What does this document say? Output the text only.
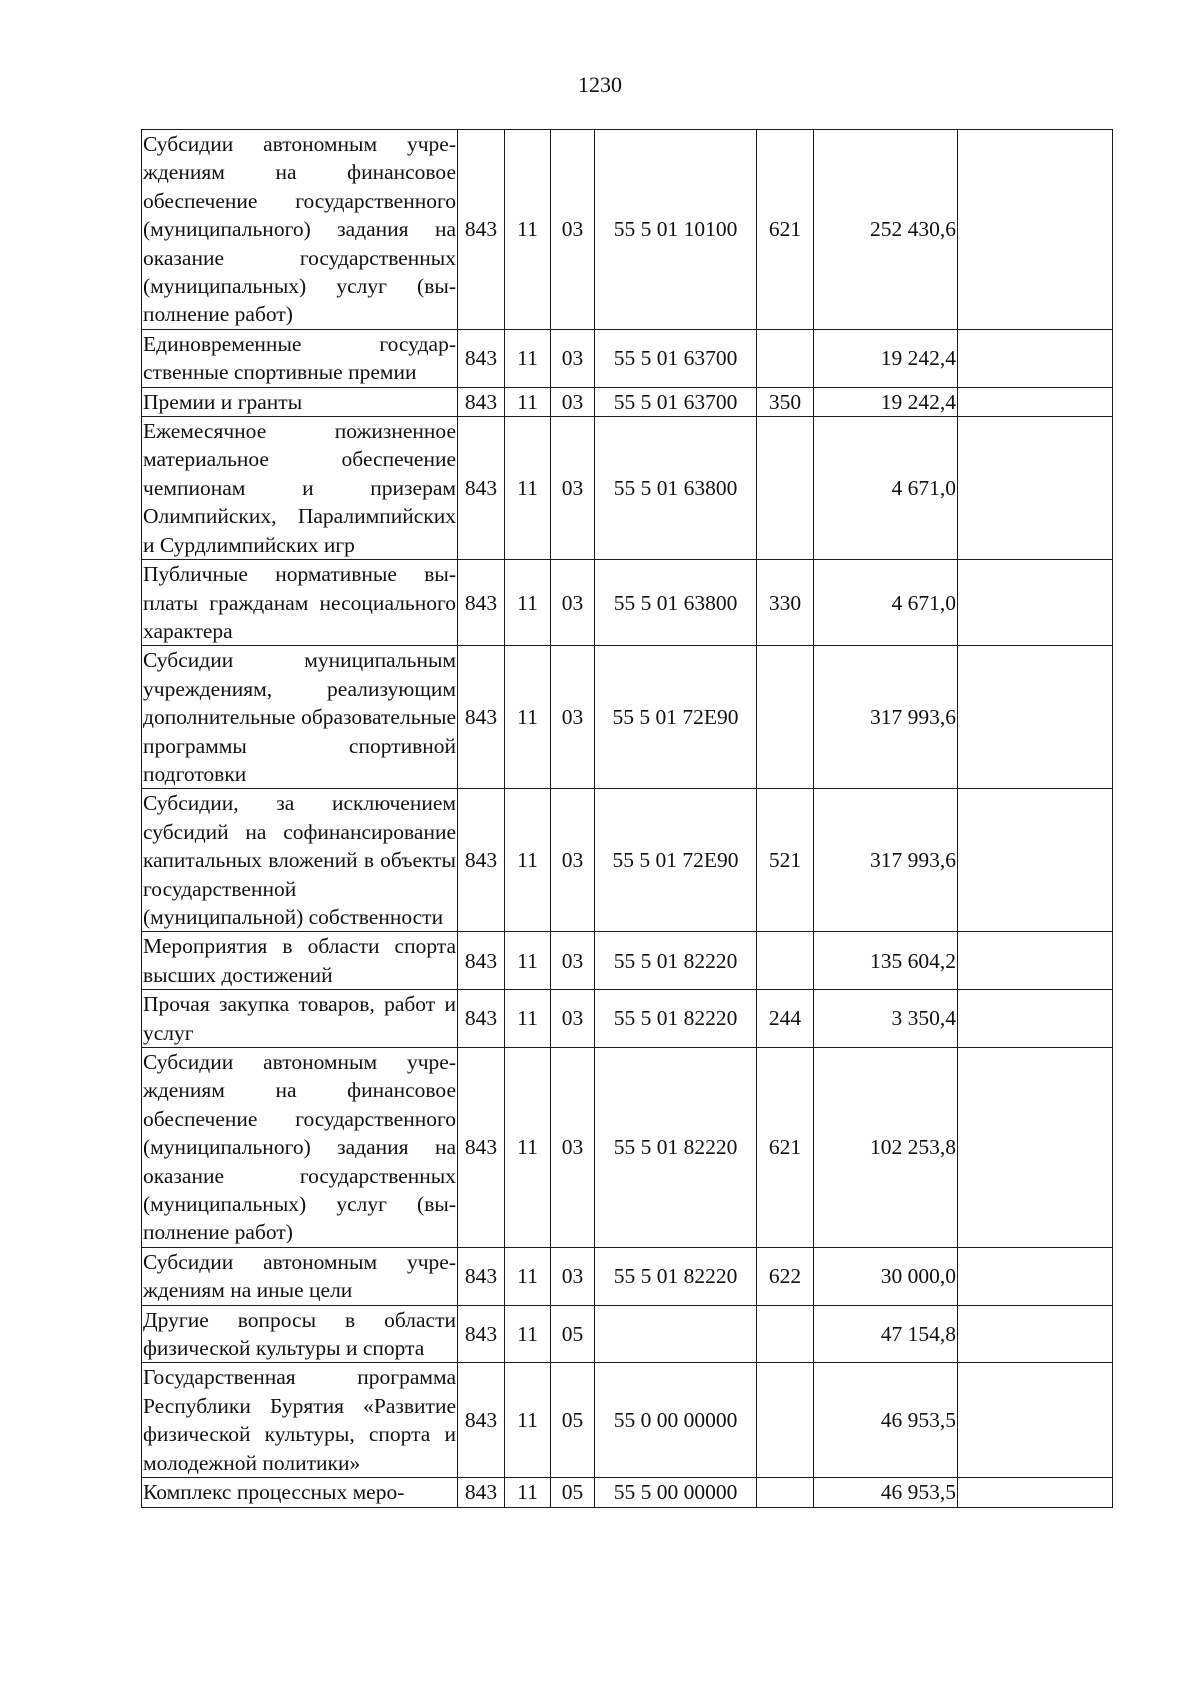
1230
Субсидии автономным учреждениям на финансовое обеспечение государственного (муниципального) задания на оказание государственных (муниципальных) услуг (выполнение работ)	843	11	03	55 5 01 10100	621	252 430,6	
Единовременные государственные спортивные премии	843	11	03	55 5 01 63700		19 242,4	
Премии и гранты	843	11	03	55 5 01 63700	350	19 242,4	
Ежемесячное пожизненное материальное обеспечение чемпионам и призерам Олимпийских, Паралимпийских и Сурдлимпийских игр	843	11	03	55 5 01 63800		4 671,0	
Публичные нормативные выплаты гражданам несоциального характера	843	11	03	55 5 01 63800	330	4 671,0	
Субсидии муниципальным учреждениям, реализующим дополнительные образовательные программы спортивной подготовки	843	11	03	55 5 01 72Е90		317 993,6	
Субсидии, за исключением субсидий на софинансирование капитальных вложений в объекты государственной (муниципальной) собственности	843	11	03	55 5 01 72Е90	521	317 993,6	
Мероприятия в области спорта высших достижений	843	11	03	55 5 01 82220		135 604,2	
Прочая закупка товаров, работ и услуг	843	11	03	55 5 01 82220	244	3 350,4	
Субсидии автономным учреждениям на финансовое обеспечение государственного (муниципального) задания на оказание государственных (муниципальных) услуг (выполнение работ)	843	11	03	55 5 01 82220	621	102 253,8	
Субсидии автономным учреждениям на иные цели	843	11	03	55 5 01 82220	622	30 000,0	
Другие вопросы в области физической культуры и спорта	843	11	05			47 154,8	
Государственная программа Республики Бурятия «Развитие физической культуры, спорта и молодежной политики»	843	11	05	55 0 00 00000		46 953,5	
Комплекс процессных меро-	843	11	05	55 5 00 00000		46 953,5	
